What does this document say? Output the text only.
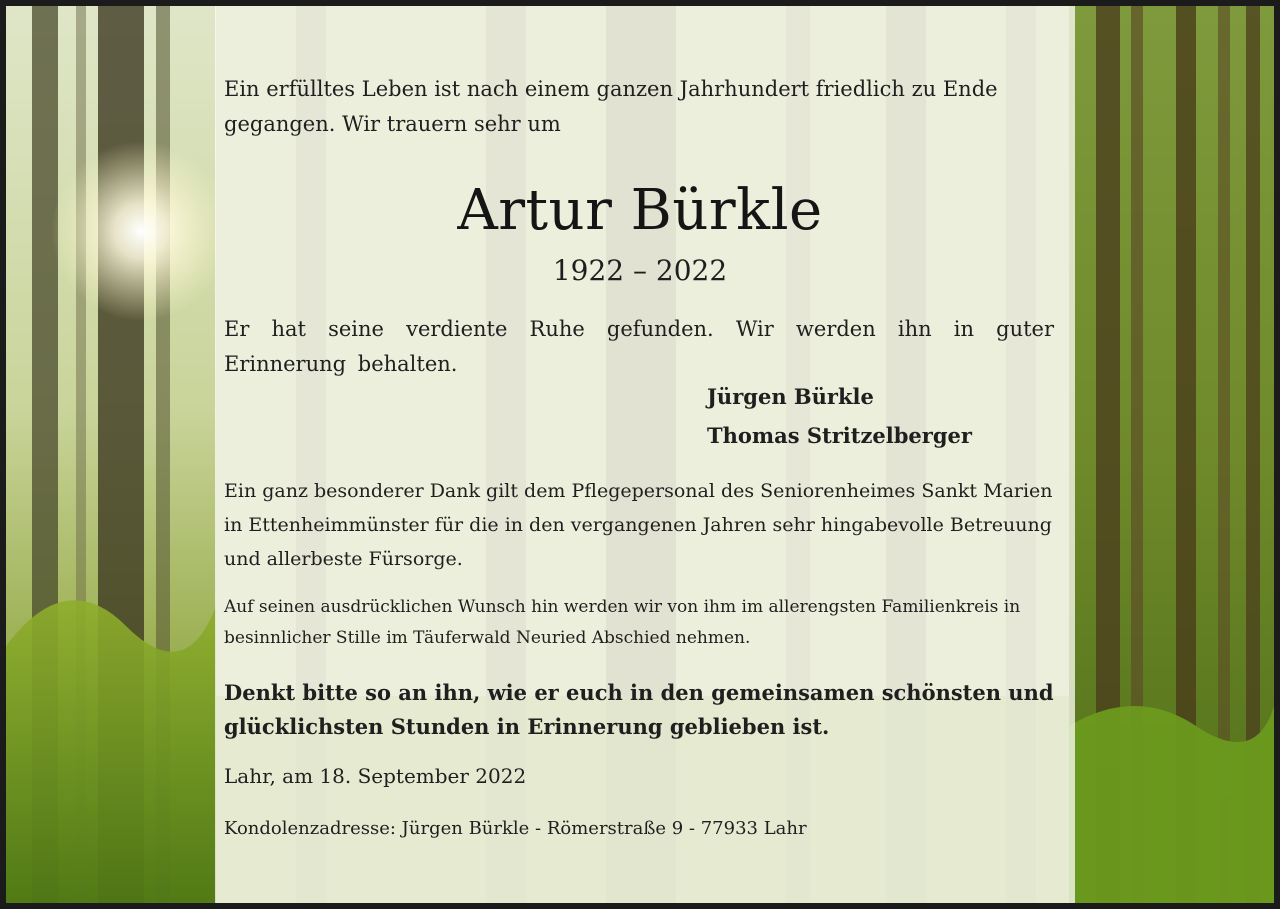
Ein erfülltes Leben ist nach einem ganzen Jahrhundert friedlich zu Ende gegangen. Wir trauern sehr um

Artur Bürkle
1922 – 2022

Er hat seine verdiente Ruhe gefunden. Wir werden ihn in guter Erinnerung behalten.

Jürgen Bürkle
Thomas Stritzelberger

Ein ganz besonderer Dank gilt dem Pflegepersonal des Seniorenheimes Sankt Marien in Ettenheimmünster für die in den vergangenen Jahren sehr hingabevolle Betreuung und allerbeste Fürsorge.

Auf seinen ausdrücklichen Wunsch hin werden wir von ihm im allerengsten Familienkreis in besinnlicher Stille im Täuferwald Neuried Abschied nehmen.

Denkt bitte so an ihn, wie er euch in den gemeinsamen schönsten und glücklichsten Stunden in Erinnerung geblieben ist.

Lahr, am 18. September 2022
Kondolenzadresse: Jürgen Bürkle - Römerstraße 9 - 77933 Lahr
